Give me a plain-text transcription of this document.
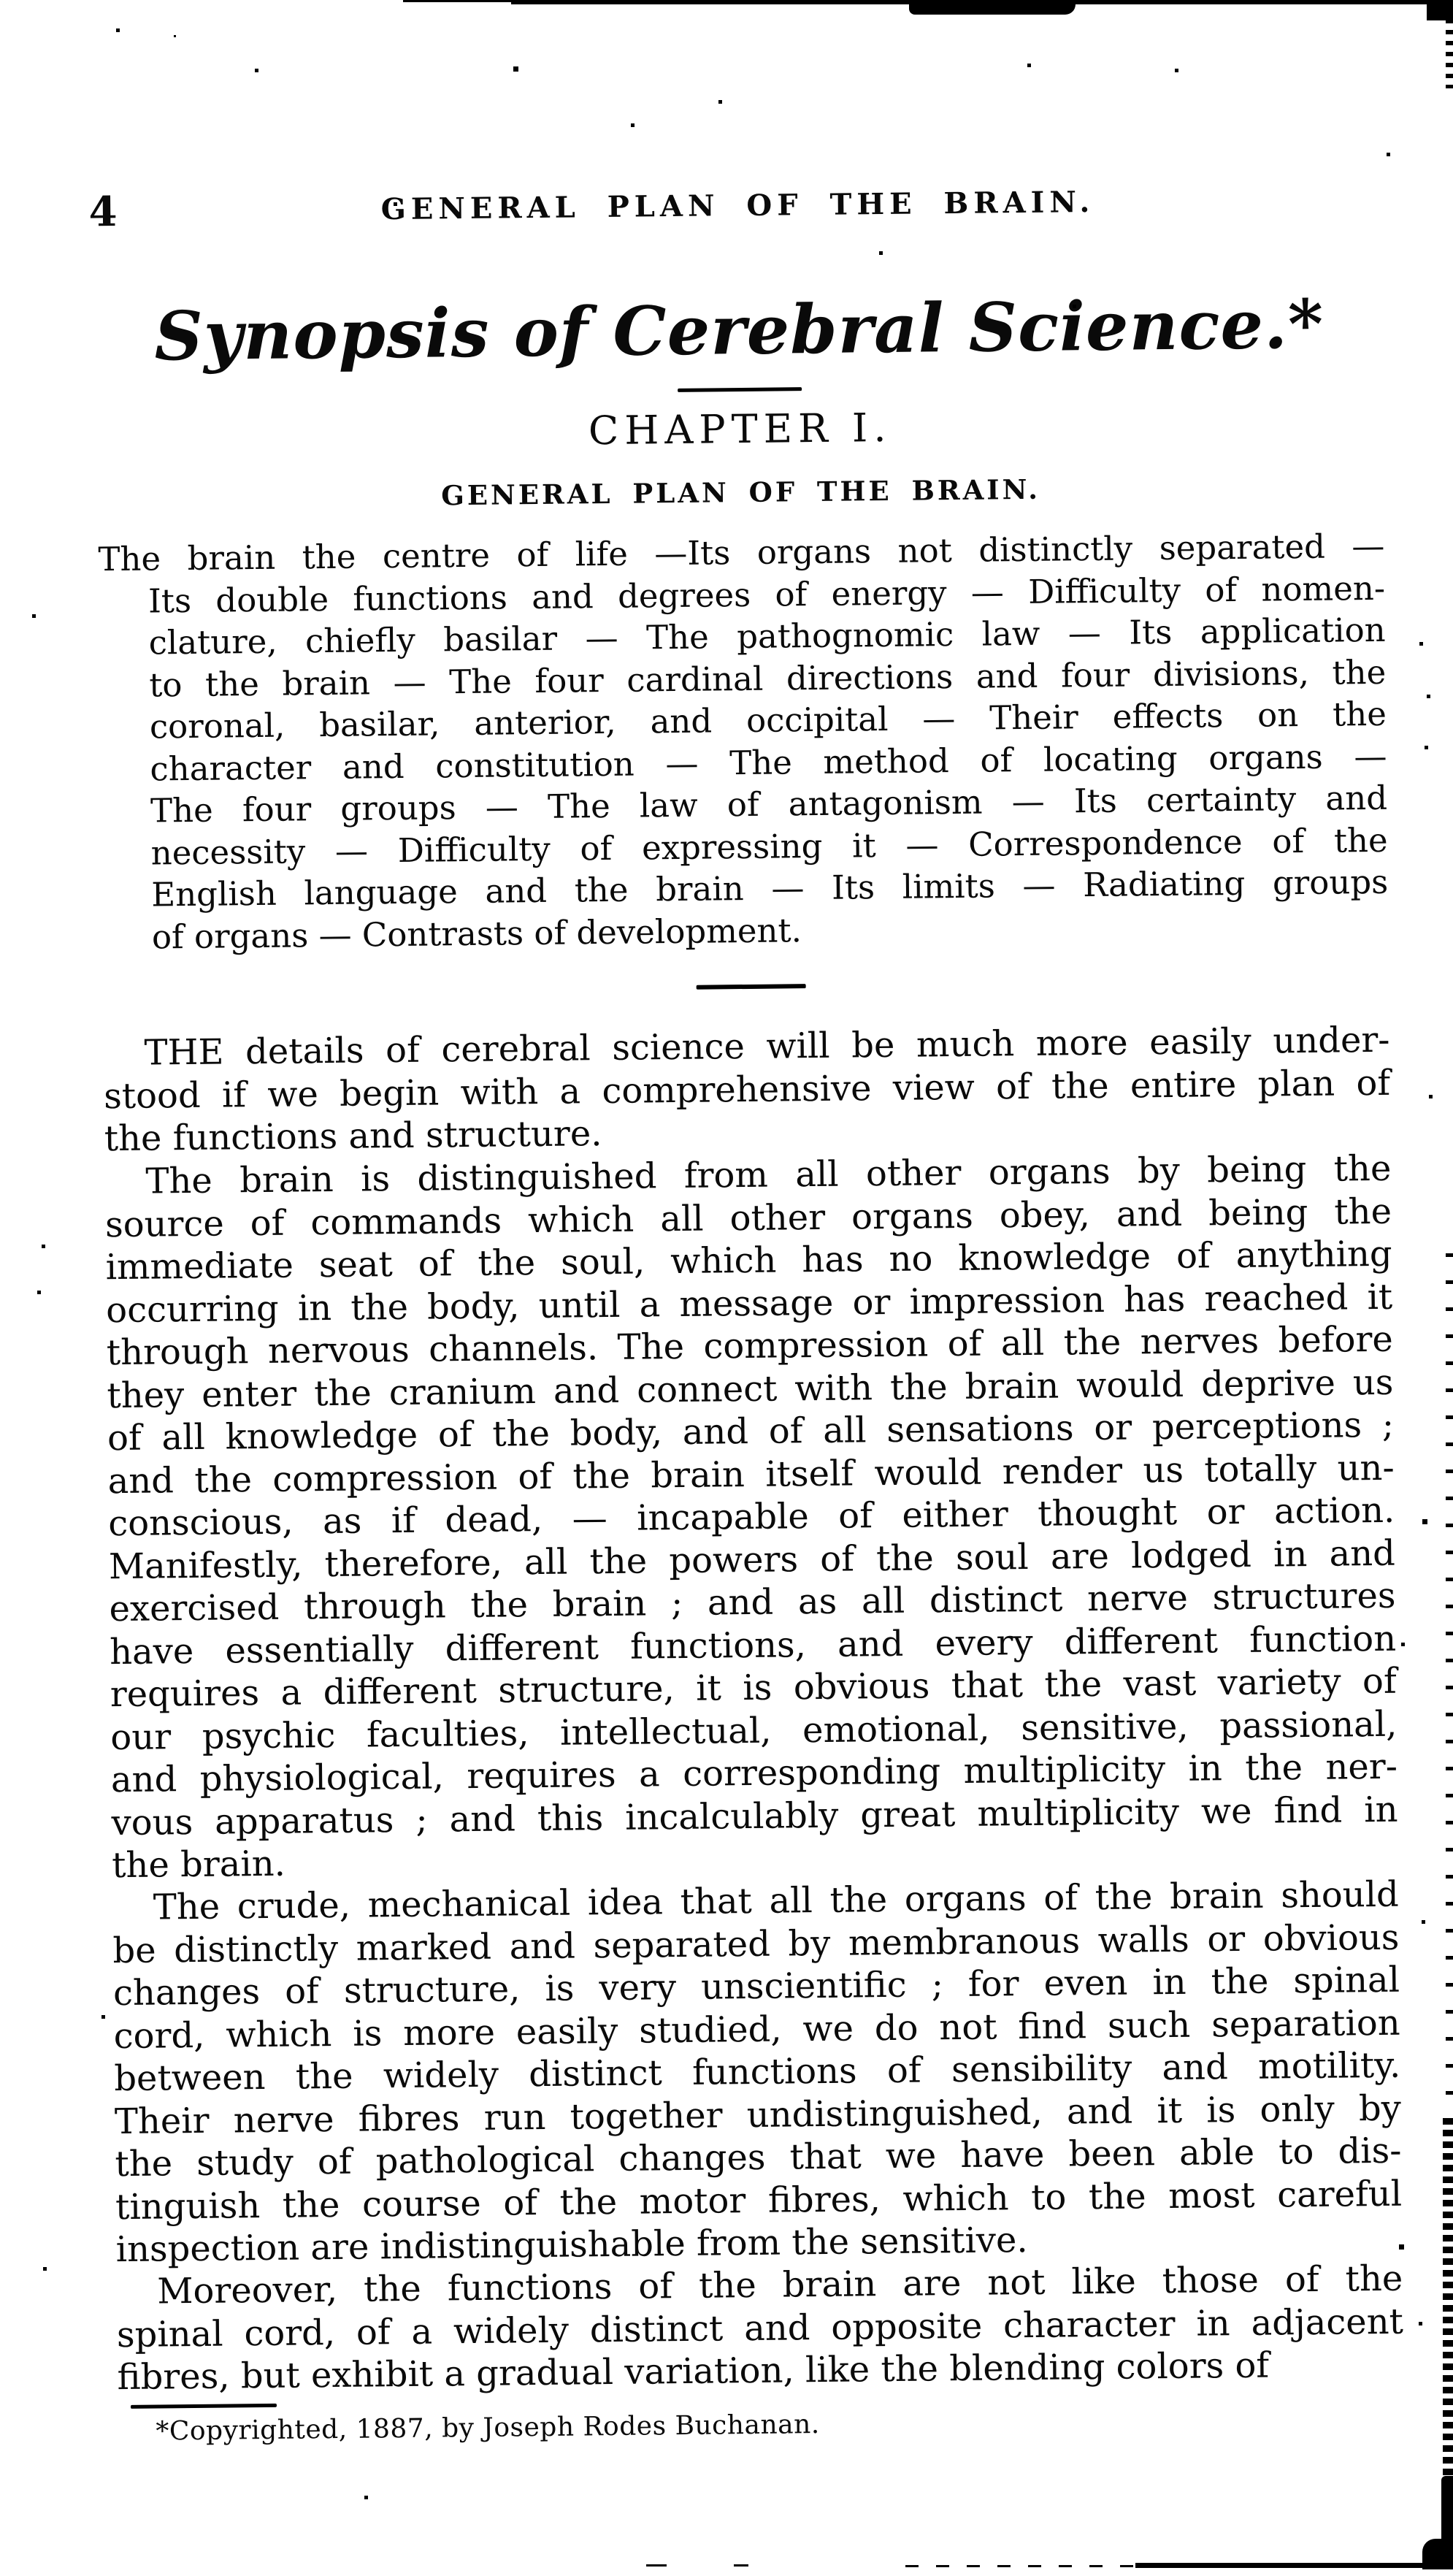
4	GENERAL PLAN OF THE BRAIN.
Synopsis of Cerebral Science.*
CHAPTER I.
GENERAL PLAN OF THE BRAIN.
The brain the centre of life —Its organs not distinctly separated —
Its double functions and degrees of energy — Difficulty of nomen-
clature, chiefly basilar — The pathognomic law — Its application
to the brain — The four cardinal directions and four divisions, the
coronal, basilar, anterior, and occipital — Their effects on the
character and constitution — The method of locating organs —
The four groups — The law of antagonism — Its certainty and
necessity — Difficulty of expressing it — Correspondence of the
English language and the brain — Its limits — Radiating groups
of organs — Contrasts of development.
THE details of cerebral science will be much more easily under-
stood if we begin with a comprehensive view of the entire plan of
the functions and structure.
The brain is distinguished from all other organs by being the
source of commands which all other organs obey, and being the
immediate seat of the soul, which has no knowledge of anything
occurring in the body, until a message or impression has reached it
through nervous channels. The compression of all the nerves before
they enter the cranium and connect with the brain would deprive us
of all knowledge of the body, and of all sensations or perceptions ;
and the compression of the brain itself would render us totally un-
conscious, as if dead, — incapable of either thought or action.
Manifestly, therefore, all the powers of the soul are lodged in and
exercised through the brain ; and as all distinct nerve structures
have essentially different functions, and every different function
requires a different structure, it is obvious that the vast variety of
our psychic faculties, intellectual, emotional, sensitive, passional,
and physiological, requires a corresponding multiplicity in the ner-
vous apparatus ; and this incalculably great multiplicity we find in
the brain.
The crude, mechanical idea that all the organs of the brain should
be distinctly marked and separated by membranous walls or obvious
changes of structure, is very unscientific ; for even in the spinal
cord, which is more easily studied, we do not find such separation
between the widely distinct functions of sensibility and motility.
Their nerve fibres run together undistinguished, and it is only by
the study of pathological changes that we have been able to dis-
tinguish the course of the motor fibres, which to the most careful
inspection are indistinguishable from the sensitive.
Moreover, the functions of the brain are not like those of the
spinal cord, of a widely distinct and opposite character in adjacent
fibres, but exhibit a gradual variation, like the blending colors of
*Copyrighted, 1887, by Joseph Rodes Buchanan.
